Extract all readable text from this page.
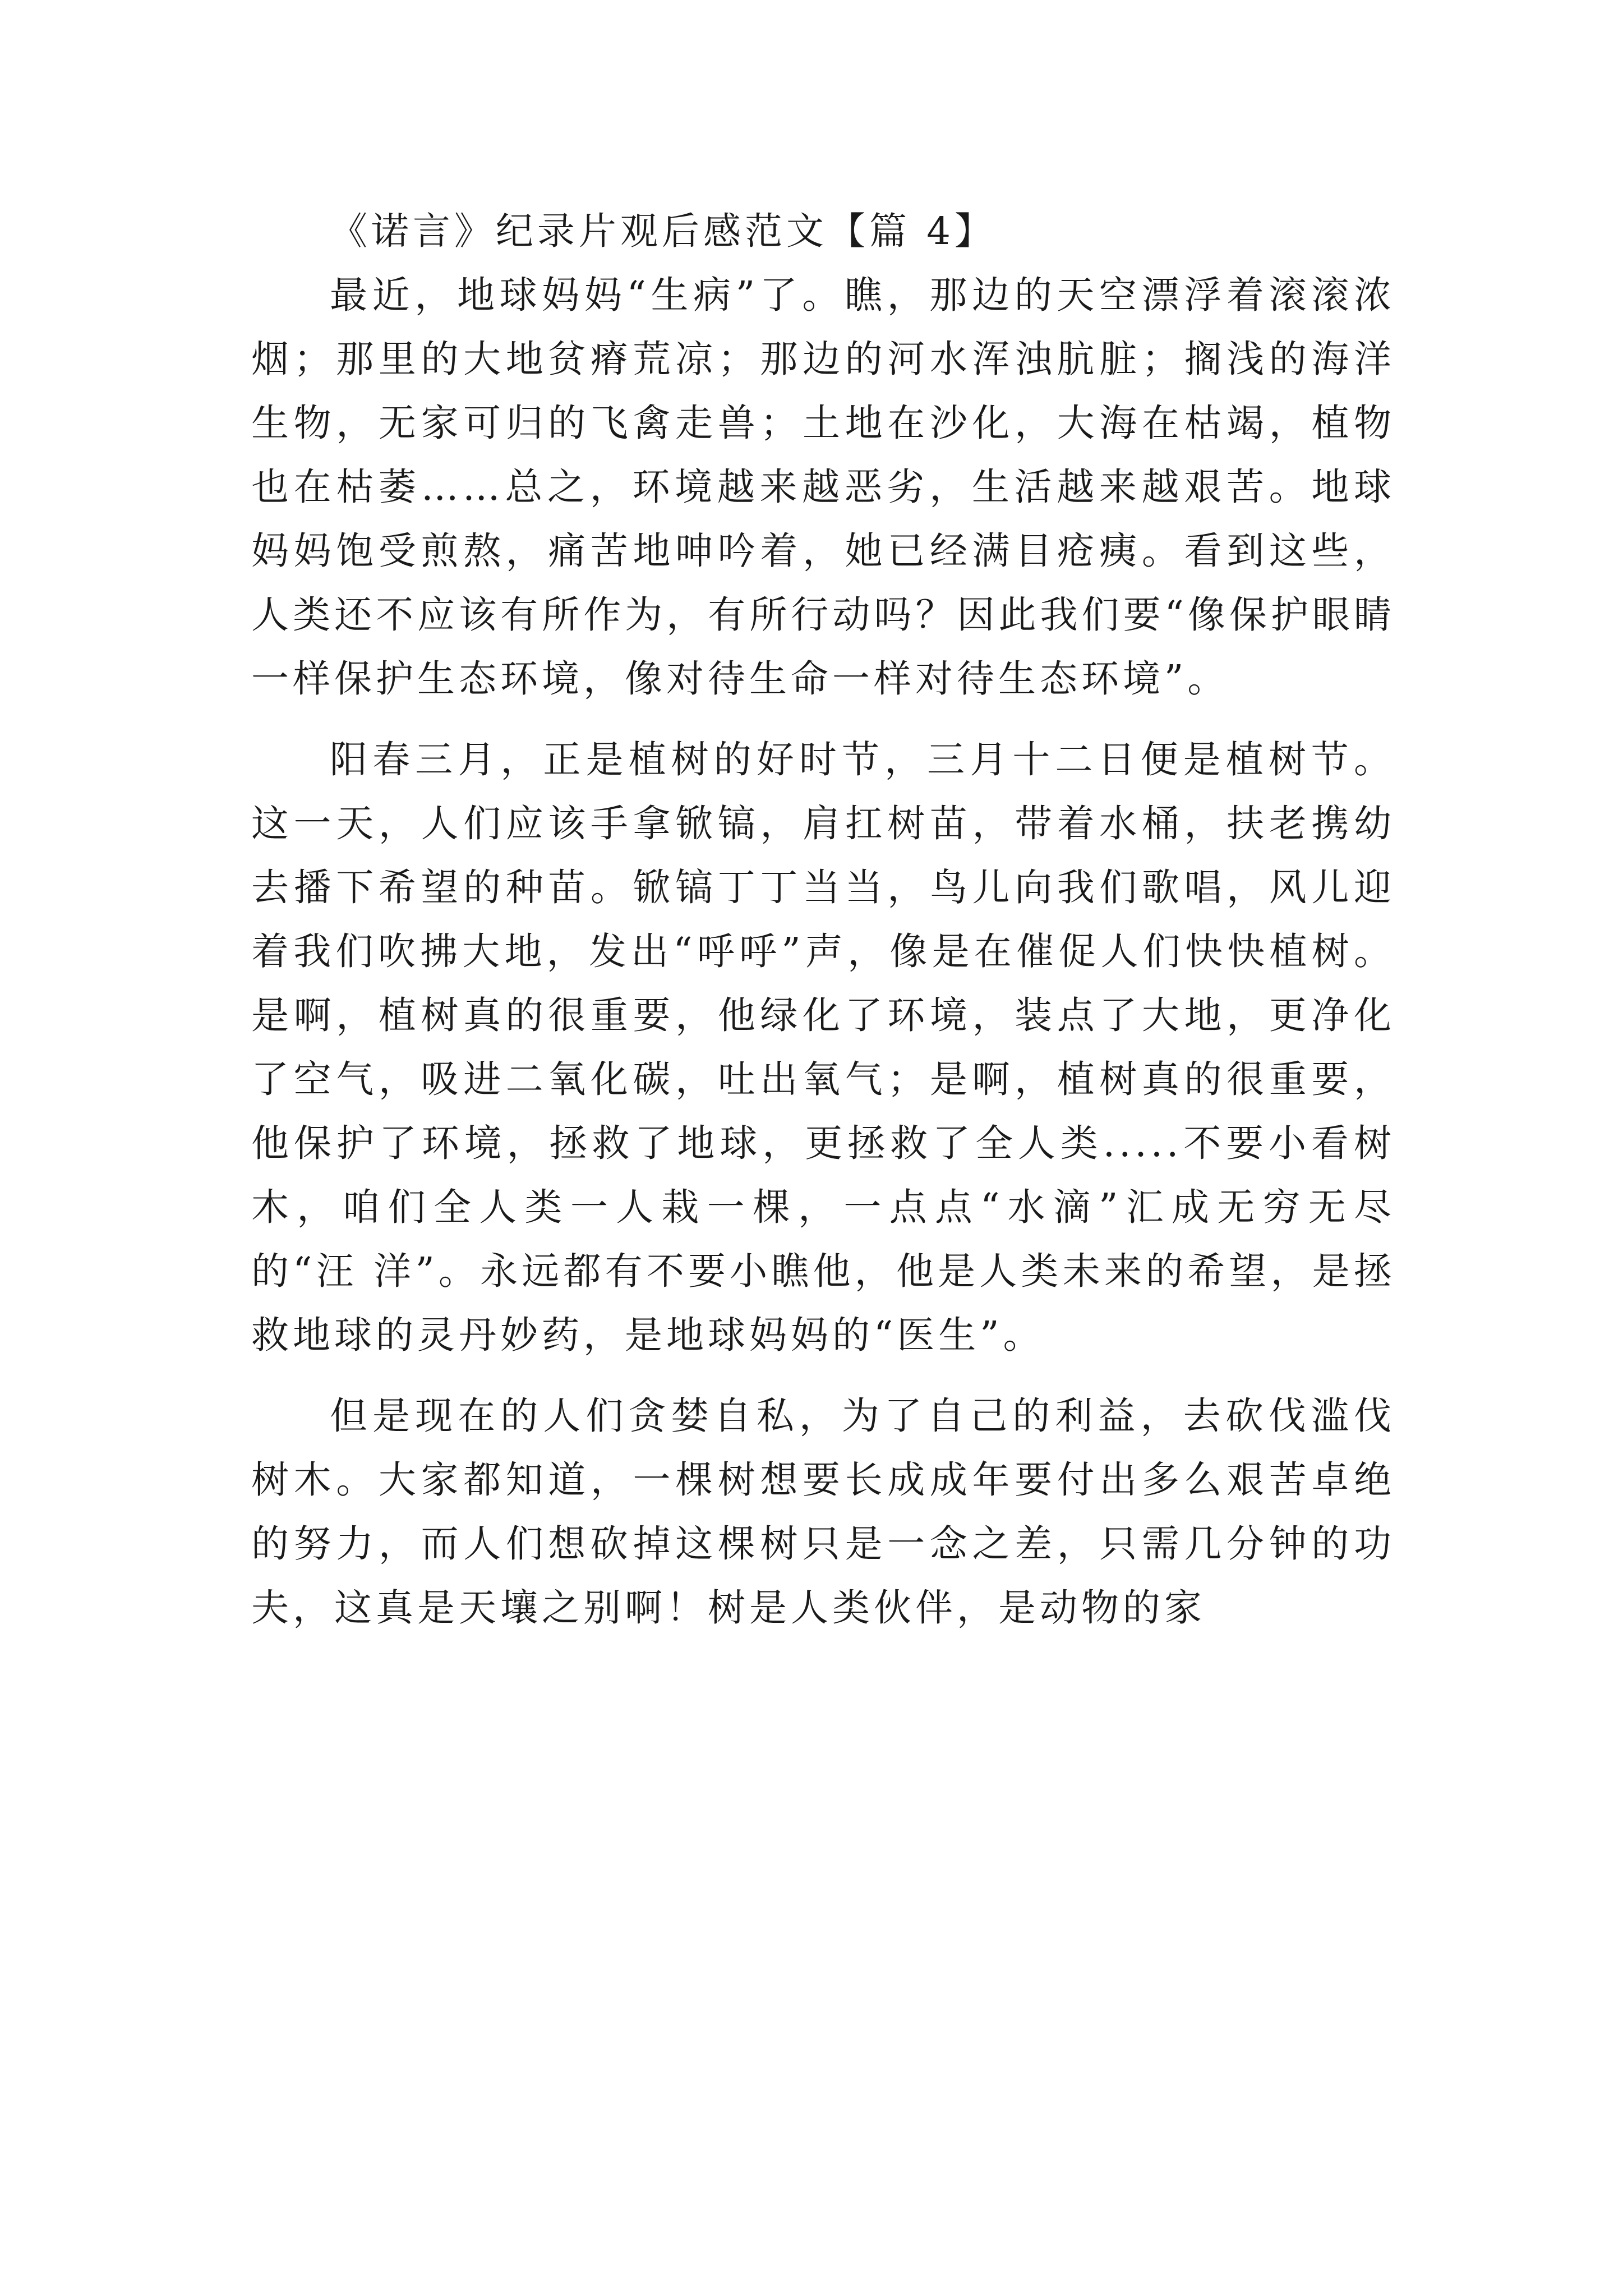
《诺言》纪录片观后感范文【篇 4】

最近，地球妈妈“生病”了。瞧，那边的天空漂浮着滚滚浓烟；那里的大地贫瘠荒凉；那边的河水浑浊肮脏；搁浅的海洋生物，无家可归的飞禽走兽；土地在沙化，大海在枯竭，植物也在枯萎……总之，环境越来越恶劣，生活越来越艰苦。地球妈妈饱受煎熬，痛苦地呻吟着，她已经满目疮痍。看到这些，人类还不应该有所作为，有所行动吗？因此我们要“像保护眼睛一样保护生态环境，像对待生命一样对待生态环境”。

阳春三月，正是植树的好时节，三月十二日便是植树节。这一天，人们应该手拿锨镐，肩扛树苗，带着水桶，扶老携幼去播下希望的种苗。锨镐丁丁当当，鸟儿向我们歌唱，风儿迎着我们吹拂大地，发出“呼呼”声，像是在催促人们快快植树。是啊，植树真的很重要，他绿化了环境，装点了大地，更净化了空气，吸进二氧化碳，吐出氧气；是啊，植树真的很重要，他保护了环境，拯救了地球，更拯救了全人类.....不要小看树木，咱们全人类一人栽一棵，一点点“水滴”汇成无穷无尽的“汪 洋”。永远都有不要小瞧他，他是人类未来的希望，是拯救地球的灵丹妙药，是地球妈妈的“医生”。

但是现在的人们贪婪自私，为了自己的利益，去砍伐滥伐树木。大家都知道，一棵树想要长成成年要付出多么艰苦卓绝的努力，而人们想砍掉这棵树只是一念之差，只需几分钟的功夫，这真是天壤之别啊！树是人类伙伴，是动物的家
